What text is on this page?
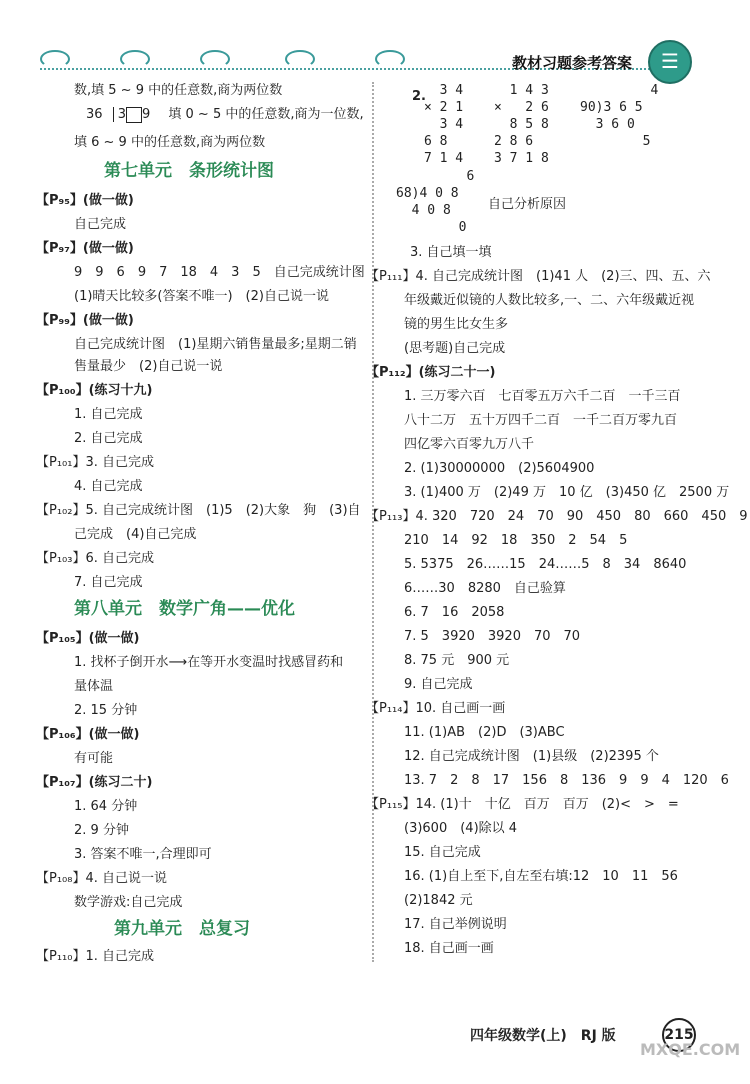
教材习题参考答案	☰
数,填 5 ~ 9 中的任意数,商为两位数
36 3 9 填 0 ~ 5 中的任意数,商为一位数,
填 6 ~ 9 中的任意数,商为两位数
第七单元　条形统计图
【P₉₅】(做一做)
自己完成
【P₉₇】(做一做)
9　9　6　9　7　18　4　3　5　自己完成统计图
(1)晴天比较多(答案不唯一)　(2)自己说一说
【P₉₉】(做一做)
自己完成统计图　(1)星期六销售量最多;星期二销
售量最少　(2)自己说一说
【P₁₀₀】(练习十九)
1. 自己完成
2. 自己完成
【P₁₀₁】3. 自己完成
4. 自己完成
【P₁₀₂】5. 自己完成统计图　(1)5　(2)大象　狗　(3)自
己完成　(4)自己完成
【P₁₀₃】6. 自己完成
7. 自己完成
第八单元　数学广角——优化
【P₁₀₅】(做一做)
1. 找杯子倒开水⟶在等开水变温时找感冒药和
量体温
2. 15 分钟
【P₁₀₆】(做一做)
有可能
【P₁₀₇】(练习二十)
1. 64 分钟
2. 9 分钟
3. 答案不唯一,合理即可
【P₁₀₈】4. 自己说一说
数学游戏:自己完成
第九单元　总复习
【P₁₁₀】1. 自己完成
2.	3 4
× 2 1
3 4
6 8
7 1 4
1 4 3
×   2 6
8 5 8
2 8 6
3 7 1 8
4
90)3 6 5
3 6 0
5
6
68)4 0 8
4 0 8
0
自己分析原因
3. 自己填一填
【P₁₁₁】4. 自己完成统计图　(1)41 人　(2)三、四、五、六
年级戴近似镜的人数比较多,一、二、六年级戴近视
镜的男生比女生多
(思考题)自己完成
【P₁₁₂】(练习二十一)
1. 三万零六百　七百零五万六千二百　一千三百
八十二万　五十万四千二百　一千二百万零九百
四亿零六百零九万八千
2. (1)30000000　(2)5604900
3. (1)400 万　(2)49 万　10 亿　(3)450 亿　2500 万
【P₁₁₃】4. 320　720　24　70　90　450　80　660　450　9
210　14　92　18　350　2　54　5
5. 5375　26……15　24……5　8　34　8640
6……30　8280　自己验算
6. 7　16　2058
7. 5　3920　3920　70　70
8. 75 元　900 元
9. 自己完成
【P₁₁₄】10. 自己画一画
11. (1)AB　(2)D　(3)ABC
12. 自己完成统计图　(1)县级　(2)2395 个
13. 7　2　8　17　156　8　136　9　9　4　120　6
【P₁₁₅】14. (1)十　十亿　百万　百万　(2)<　>　=
(3)600　(4)除以 4
15. 自己完成
16. (1)自上至下,自左至右填:12　10　11　56
(2)1842 元
17. 自己举例说明
18. 自己画一画
四年级数学(上)　RJ 版	215
MXQE.COM
